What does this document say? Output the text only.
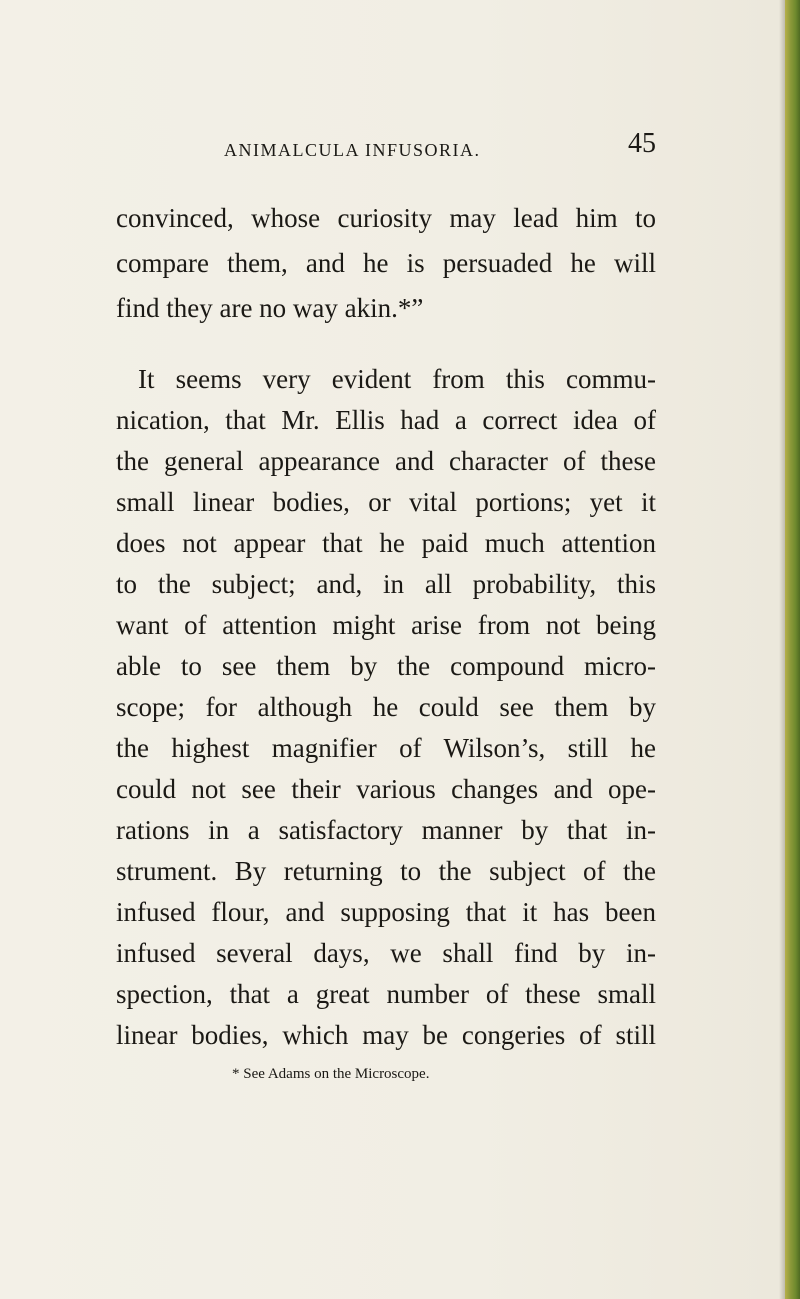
ANIMALCULA INFUSORIA.	45
convinced, whose curiosity may lead him to
compare them, and he is persuaded he will
find they are no way akin.*”
It seems very evident from this commu-
nication, that Mr. Ellis had a correct idea of
the general appearance and character of these
small linear bodies, or vital portions; yet it
does not appear that he paid much attention
to the subject; and, in all probability, this
want of attention might arise from not being
able to see them by the compound micro-
scope; for although he could see them by
the highest magnifier of Wilson’s, still he
could not see their various changes and ope-
rations in a satisfactory manner by that in-
strument. By returning to the subject of the
infused flour, and supposing that it has been
infused several days, we shall find by in-
spection, that a great number of these small
linear bodies, which may be congeries of still
* See Adams on the Microscope.
